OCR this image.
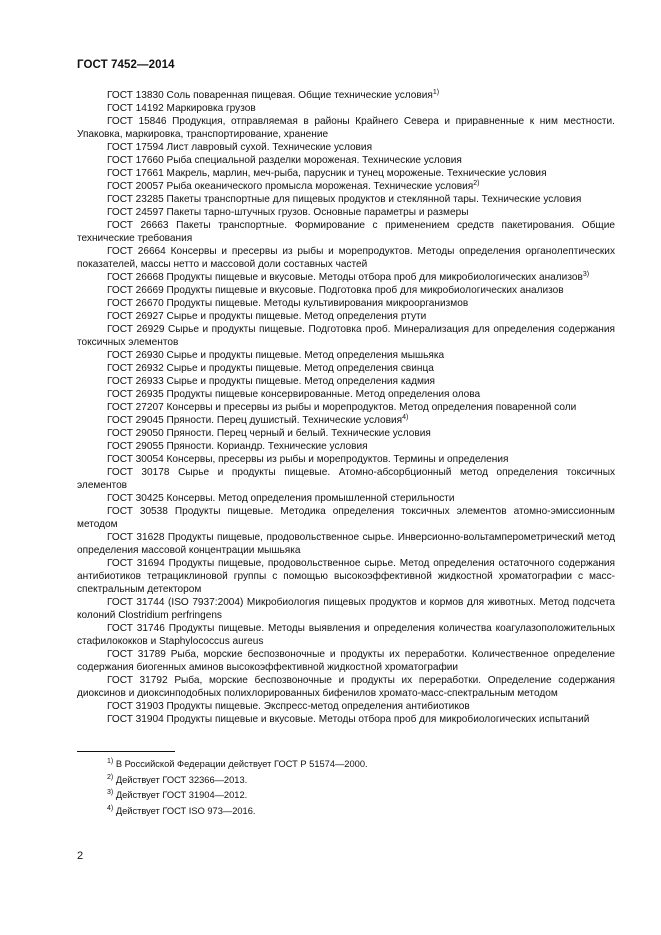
ГОСТ 7452—2014

ГОСТ 13830 Соль поваренная пищевая. Общие технические условия$^{1)}$

ГОСТ 14192 Маркировка грузов

ГОСТ 15846 Продукция, отправляемая в районы Крайнего Севера и приравненные к ним местности. Упаковка, маркировка, транспортирование, хранение

ГОСТ 17594 Лист лавровый сухой. Технические условия

ГОСТ 17660 Рыба специальной разделки мороженая. Технические условия

ГОСТ 17661 Макрель, марлин, меч-рыба, парусник и тунец мороженые. Технические условия

ГОСТ 20057 Рыба океанического промысла мороженая. Технические условия$^{2)}$

ГОСТ 23285 Пакеты транспортные для пищевых продуктов и стеклянной тары. Технические условия

ГОСТ 24597 Пакеты тарно-штучных грузов. Основные параметры и размеры

ГОСТ 26663 Пакеты транспортные. Формирование с применением средств пакетирования. Общие технические требования

ГОСТ 26664 Консервы и пресервы из рыбы и морепродуктов. Методы определения органолептических показателей, массы нетто и массовой доли составных частей

ГОСТ 26668 Продукты пищевые и вкусовые. Методы отбора проб для микробиологических анализов$^{3)}$

ГОСТ 26669 Продукты пищевые и вкусовые. Подготовка проб для микробиологических анализов

ГОСТ 26670 Продукты пищевые. Методы культивирования микроорганизмов

ГОСТ 26927 Сырье и продукты пищевые. Метод определения ртути

ГОСТ 26929 Сырье и продукты пищевые. Подготовка проб. Минерализация для определения содержания токсичных элементов

ГОСТ 26930 Сырье и продукты пищевые. Метод определения мышьяка

ГОСТ 26932 Сырье и продукты пищевые. Метод определения свинца

ГОСТ 26933 Сырье и продукты пищевые. Метод определения кадмия

ГОСТ 26935 Продукты пищевые консервированные. Метод определения олова

ГОСТ 27207 Консервы и пресервы из рыбы и морепродуктов. Метод определения поваренной соли

ГОСТ 29045 Пряности. Перец душистый. Технические условия$^{4)}$

ГОСТ 29050 Пряности. Перец черный и белый. Технические условия

ГОСТ 29055 Пряности. Кориандр. Технические условия

ГОСТ 30054 Консервы, пресервы из рыбы и морепродуктов. Термины и определения

ГОСТ 30178 Сырье и продукты пищевые. Атомно-абсорбционный метод определения токсичных элементов

ГОСТ 30425 Консервы. Метод определения промышленной стерильности

ГОСТ 30538 Продукты пищевые. Методика определения токсичных элементов атомно-эмиссионным методом

ГОСТ 31628 Продукты пищевые, продовольственное сырье. Инверсионно-вольтамперометрический метод определения массовой концентрации мышьяка

ГОСТ 31694 Продукты пищевые, продовольственное сырье. Метод определения остаточного содержания антибиотиков тетрациклиновой группы с помощью высокоэффективной жидкостной хроматографии с масс-спектральным детектором

ГОСТ 31744 (ISO 7937:2004) Микробиология пищевых продуктов и кормов для животных. Метод подсчета колоний Clostridium perfringens

ГОСТ 31746 Продукты пищевые. Методы выявления и определения количества коагулазоположительных стафилококков и Staphylococcus aureus

ГОСТ 31789 Рыба, морские беспозвоночные и продукты их переработки. Количественное определение содержания биогенных аминов высокоэффективной жидкостной хроматографии

ГОСТ 31792 Рыба, морские беспозвоночные и продукты их переработки. Определение содержания диоксинов и диоксинподобных полихлорированных бифенилов хромато-масс-спектральным методом

ГОСТ 31903 Продукты пищевые. Экспресс-метод определения антибиотиков

ГОСТ 31904 Продукты пищевые и вкусовые. Методы отбора проб для микробиологических испытаний

$^{1)}$ В Российской Федерации действует ГОСТ Р 51574—2000.
$^{2)}$ Действует ГОСТ 32366—2013.
$^{3)}$ Действует ГОСТ 31904—2012.
$^{4)}$ Действует ГОСТ ISO 973—2016.
2
